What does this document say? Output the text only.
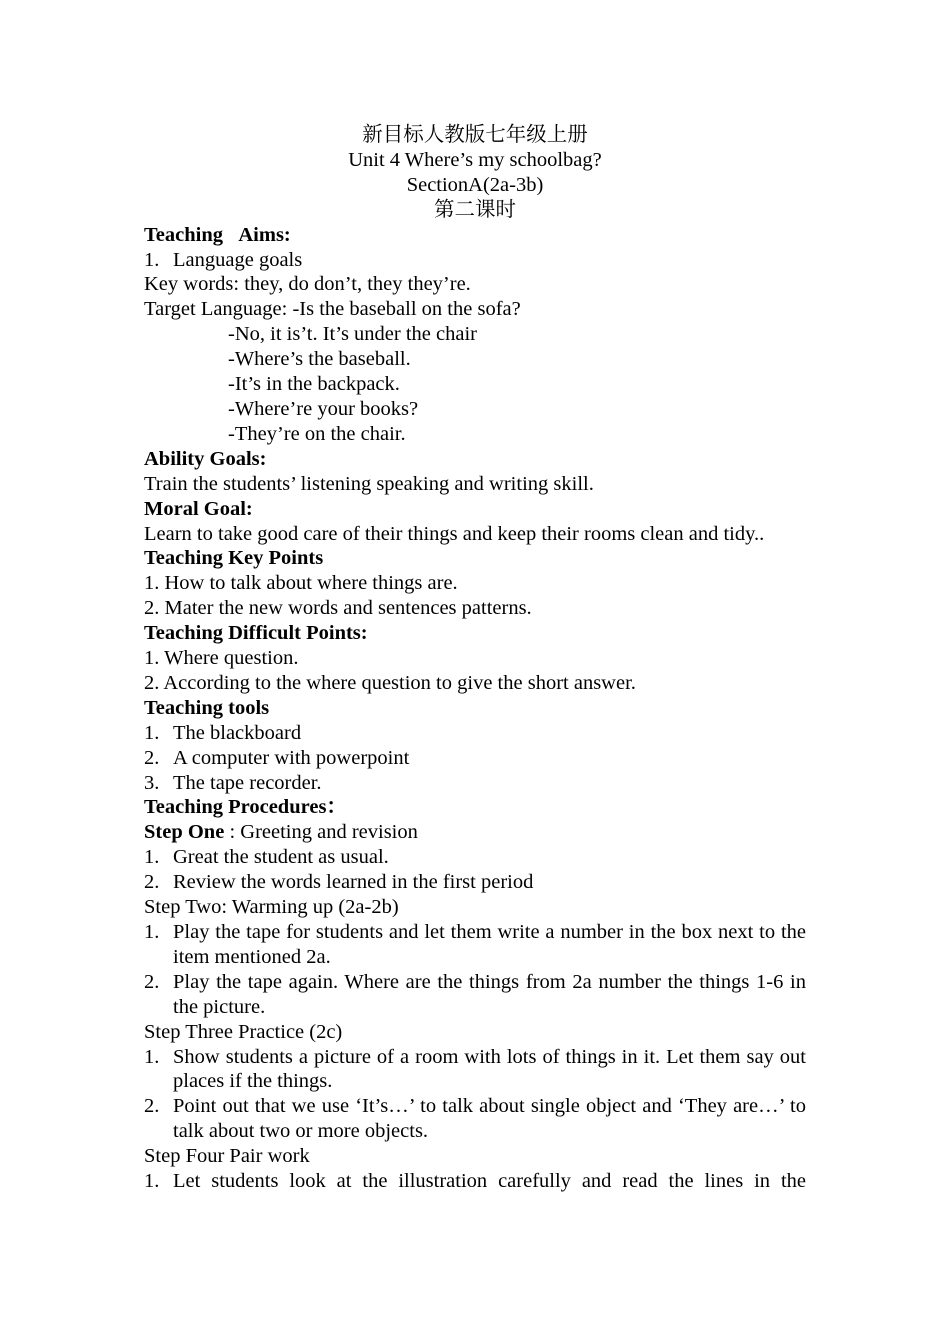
新目标人教版七年级上册
Unit 4 Where’s my schoolbag?
SectionA(2a-3b)
第二课时
Teaching   Aims:
1. Language goals
Key words: they, do don’t, they they’re.
Target Language: -Is the baseball on the sofa?
-No, it is’t. It’s under the chair
-Where’s the baseball.
-It’s in the backpack.
-Where’re your books?
-They’re on the chair.
Ability Goals:
Train the students’ listening speaking and writing skill.
Moral Goal:
Learn to take good care of their things and keep their rooms clean and tidy..
Teaching Key Points
1. How to talk about where things are.
2. Mater the new words and sentences patterns.
Teaching Difficult Points:
1. Where question.
2. According to the where question to give the short answer.
Teaching tools
1. The blackboard
2. A computer with powerpoint
3. The tape recorder.
Teaching Procedures：
Step One : Greeting and revision
1. Great the student as usual.
2. Review the words learned in the first period
Step Two: Warming up (2a-2b)
1. Play the tape for students and let them write a number in the box next to the item mentioned 2a.
2. Play the tape again. Where are the things from 2a number the things 1-6 in the picture.
Step Three Practice (2c)
1. Show students a picture of a room with lots of things in it. Let them say out places if the things.
2. Point out that we use ‘It’s…’ to talk about single object and ‘They are…’ to talk about two or more objects.
Step Four Pair work
1. Let students look at the illustration carefully and read the lines in the
